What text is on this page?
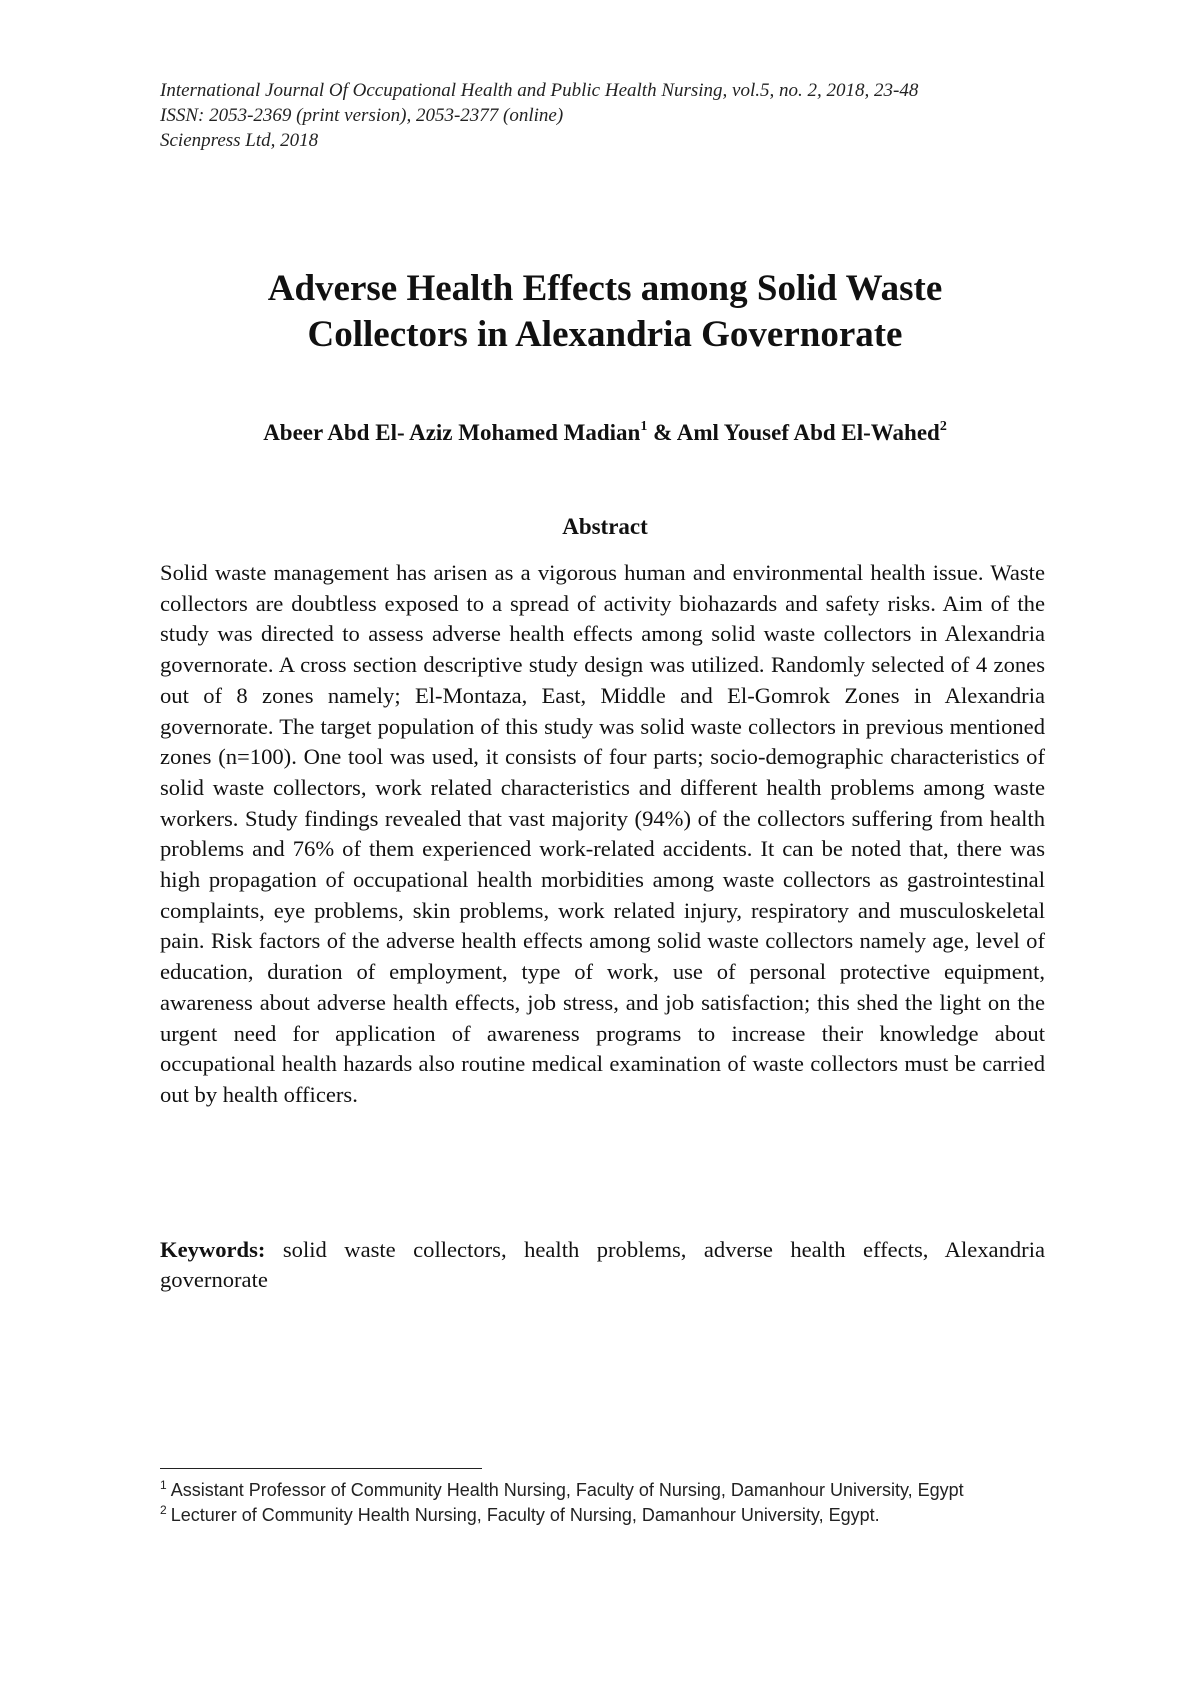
International Journal Of Occupational Health and Public Health Nursing, vol.5, no. 2, 2018, 23-48
ISSN: 2053-2369 (print version), 2053-2377 (online)
Scienpress Ltd, 2018
Adverse Health Effects among Solid Waste
Collectors in Alexandria Governorate
Abeer Abd El- Aziz Mohamed Madian$^1$ & Aml Yousef Abd El-Wahed$^2$
Abstract
Solid waste management has arisen as a vigorous human and environmental health issue. Waste collectors are doubtless exposed to a spread of activity biohazards and safety risks. Aim of the study was directed to assess adverse health effects among solid waste collectors in Alexandria governorate. A cross section descriptive study design was utilized. Randomly selected of 4 zones out of 8 zones namely; El-Montaza, East, Middle and El-Gomrok Zones in Alexandria governorate. The target population of this study was solid waste collectors in previous mentioned zones (n=100). One tool was used, it consists of four parts; socio-demographic characteristics of solid waste collectors, work related characteristics and different health problems among waste workers. Study findings revealed that vast majority (94%) of the collectors suffering from health problems and 76% of them experienced work-related accidents. It can be noted that, there was high propagation of occupational health morbidities among waste collectors as gastrointestinal complaints, eye problems, skin problems, work related injury, respiratory and musculoskeletal pain. Risk factors of the adverse health effects among solid waste collectors namely age, level of education, duration of employment, type of work, use of personal protective equipment, awareness about adverse health effects, job stress, and job satisfaction; this shed the light on the urgent need for application of awareness programs to increase their knowledge about occupational health hazards also routine medical examination of waste collectors must be carried out by health officers.
Keywords: solid waste collectors, health problems, adverse health effects, Alexandria governorate
$^1$ Assistant Professor of Community Health Nursing, Faculty of Nursing, Damanhour University, Egypt
$^2$ Lecturer of Community Health Nursing, Faculty of Nursing, Damanhour University, Egypt.
